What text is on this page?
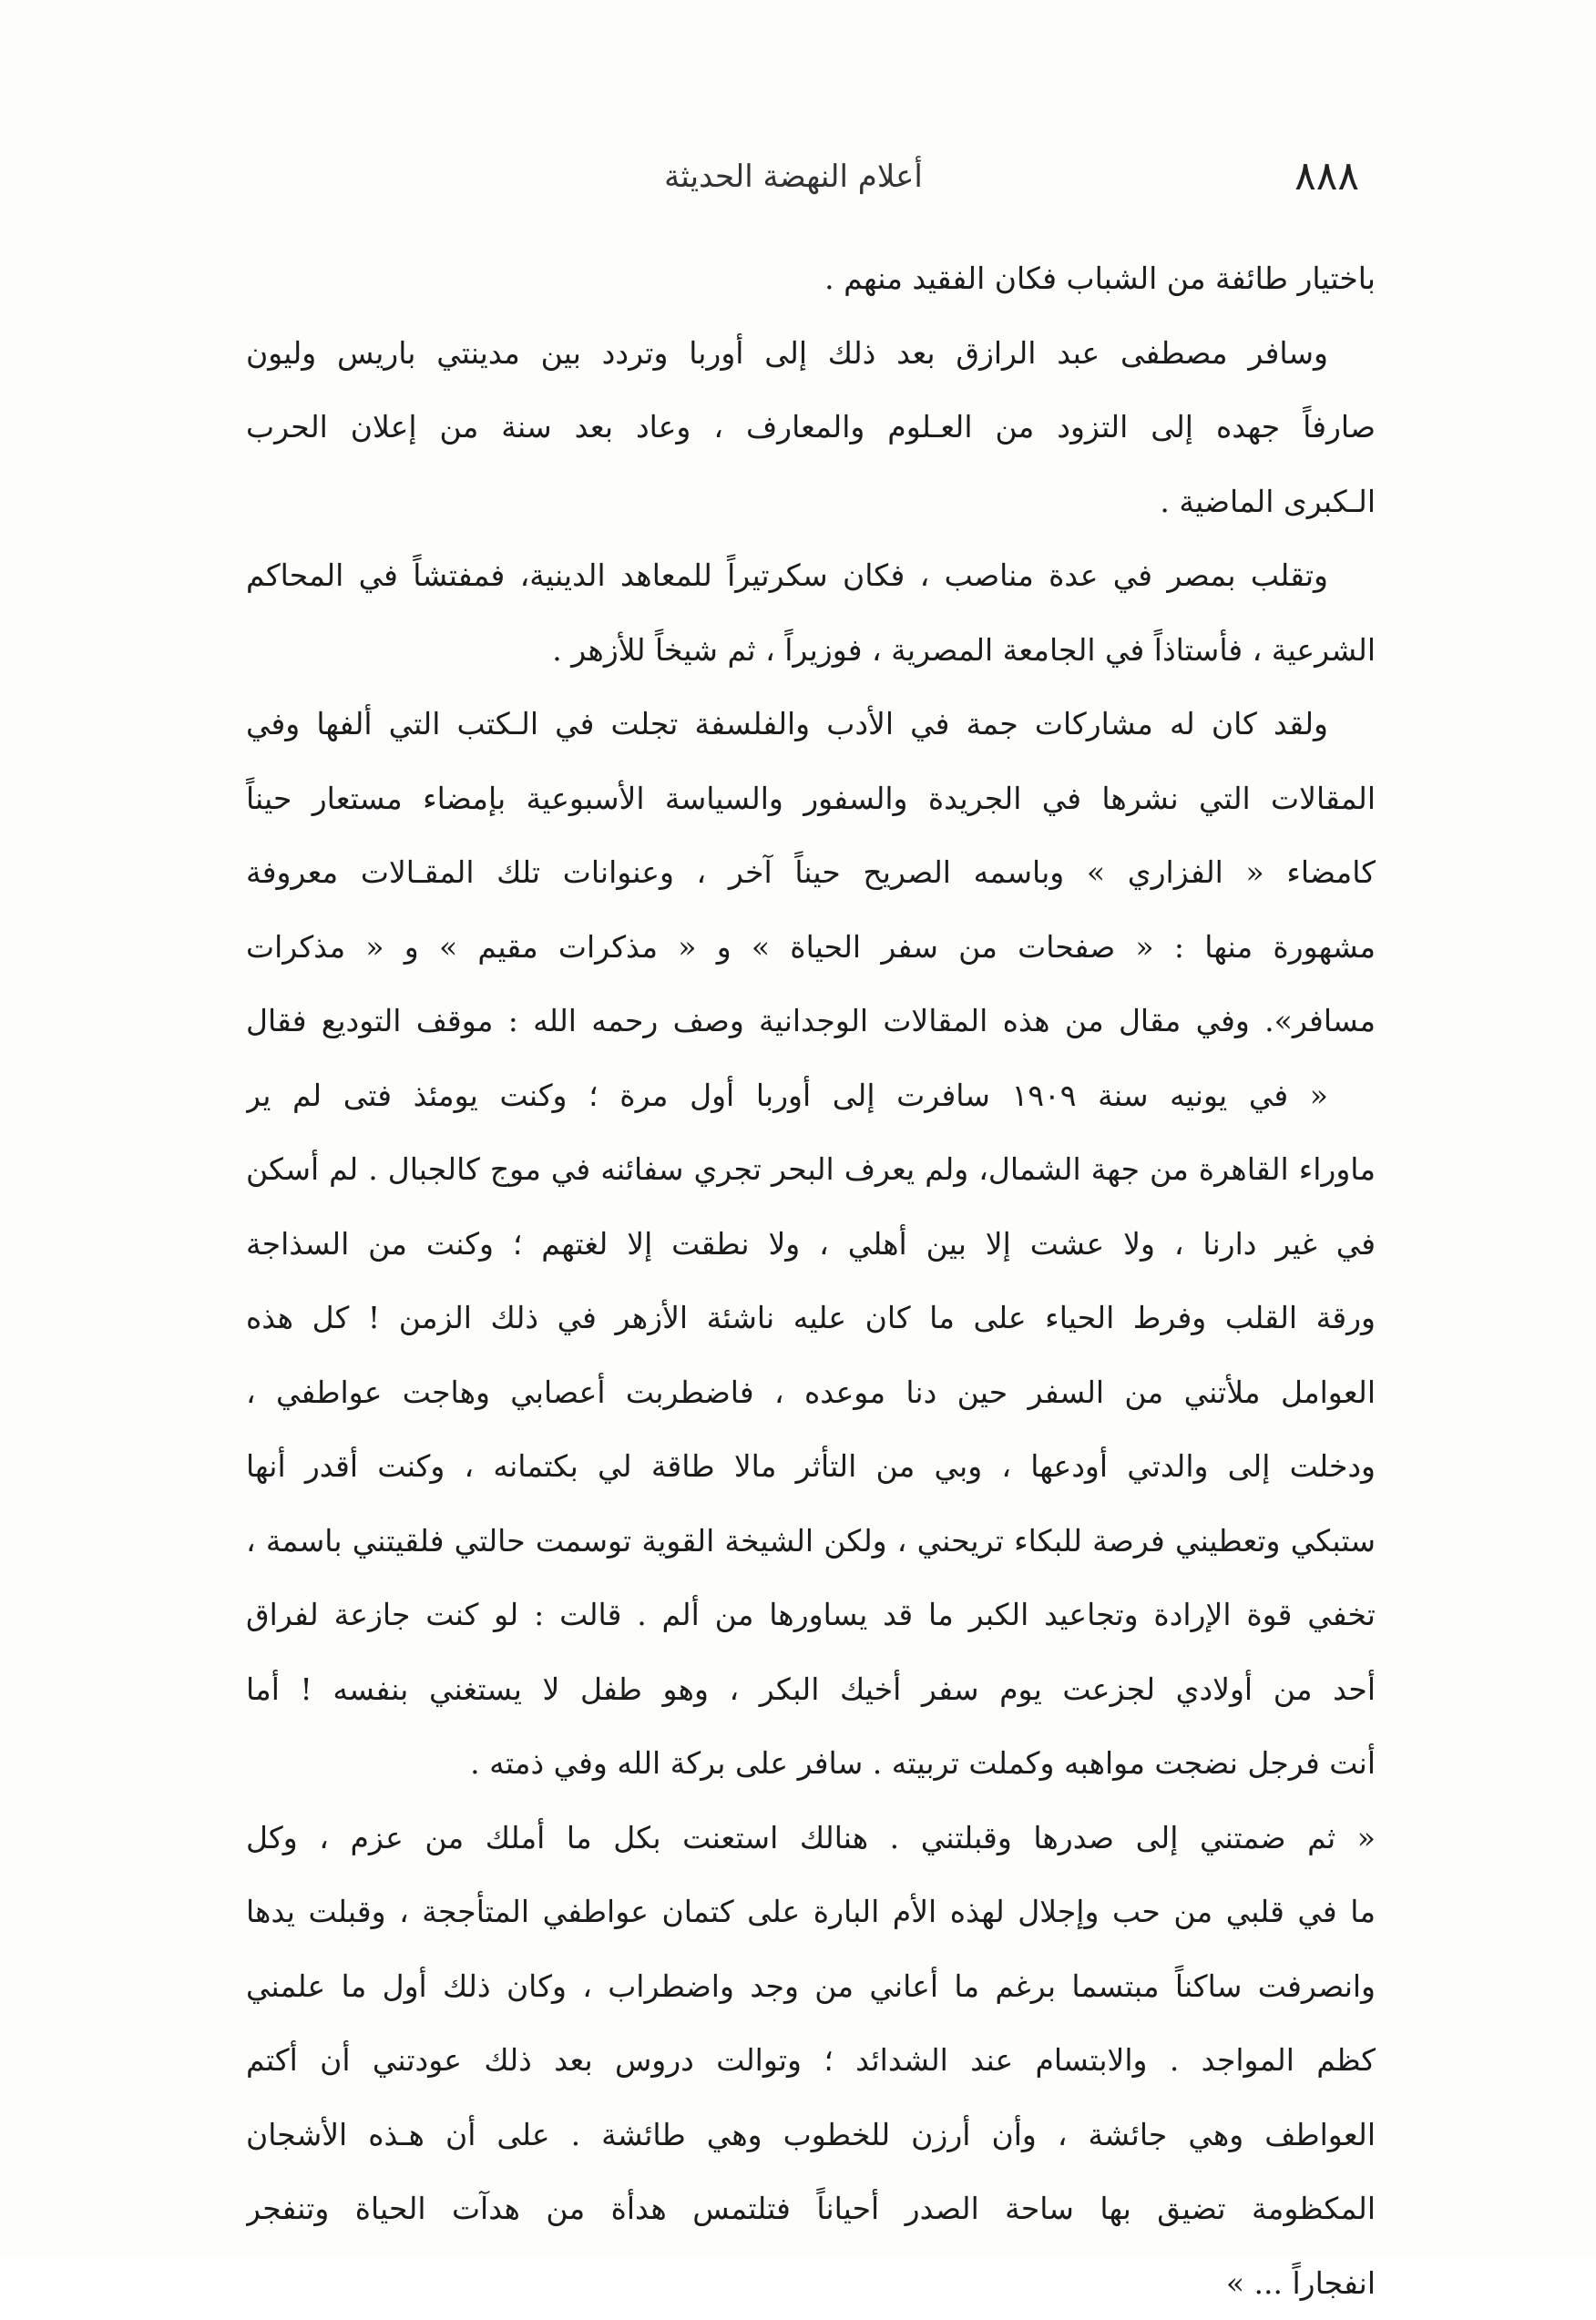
٨٨٨
أعلام النهضة الحديثة

باختيار طائفة من الشباب فكان الفقيد منهم .

وسافر مصطفى عبد الرازق بعد ذلك إلى أوربا وتردد بين مدينتي باريس وليون
صارفاً جهده إلى التزود من العـلوم والمعارف ، وعاد بعد سنة من إعلان الحرب
الـكبرى الماضية .

وتقلب بمصر في عدة مناصب ، فكان سكرتيراً للمعاهد الدينية، فمفتشاً في المحاكم
الشرعية ، فأستاذاً في الجامعة المصرية ، فوزيراً ، ثم شيخاً للأزهر .

ولقد كان له مشاركات جمة في الأدب والفلسفة تجلت في الـكتب التي ألفها وفي
المقالات التي نشرها في الجريدة والسفور والسياسة الأسبوعية بإمضاء مستعار حيناً
كامضاء « الفزاري » وباسمه الصريح حيناً آخر ، وعنوانات تلك المقـالات معروفة
مشهورة منها : « صفحات من سفر الحياة » و « مذكرات مقيم » و « مذكرات
مسافر». وفي مقال من هذه المقالات الوجدانية وصف رحمه الله : موقف التوديع فقال

« في يونيه سنة ١٩٠٩ سافرت إلى أوربا أول مرة ؛ وكنت يومئذ فتى لم ير
ماوراء القاهرة من جهة الشمال، ولم يعرف البحر تجري سفائنه في موج كالجبال . لم أسكن
في غير دارنا ، ولا عشت إلا بين أهلي ، ولا نطقت إلا لغتهم ؛ وكنت من السذاجة
ورقة القلب وفرط الحياء على ما كان عليه ناشئة الأزهر في ذلك الزمن ! كل هذه
العوامل ملأتني من السفر حين دنا موعده ، فاضطربت أعصابي وهاجت عواطفي ،
ودخلت إلى والدتي أودعها ، وبي من التأثر مالا طاقة لي بكتمانه ، وكنت أقدر أنها
ستبكي وتعطيني فرصة للبكاء تريحني ، ولكن الشيخة القوية توسمت حالتي فلقيتني باسمة ،
تخفي قوة الإرادة وتجاعيد الكبر ما قد يساورها من ألم . قالت : لو كنت جازعة لفراق
أحد من أولادي لجزعت يوم سفر أخيك البكر ، وهو طفل لا يستغني بنفسه ! أما
أنت فرجل نضجت مواهبه وكملت تربيته . سافر على بركة الله وفي ذمته .

« ثم ضمتني إلى صدرها وقبلتني . هنالك استعنت بكل ما أملك من عزم ، وكل
ما في قلبي من حب وإجلال لهذه الأم البارة على كتمان عواطفي المتأججة ، وقبلت يدها
وانصرفت ساكناً مبتسما برغم ما أعاني من وجد واضطراب ، وكان ذلك أول ما علمني
كظم المواجد . والابتسام عند الشدائد ؛ وتوالت دروس بعد ذلك عودتني أن أكتم
العواطف وهي جائشة ، وأن أرزن للخطوب وهي طائشة . على أن هـذه الأشجان
المكظومة تضيق بها ساحة الصدر أحياناً فتلتمس هدأة من هدآت الحياة وتنفجر
انفجاراً ... »
